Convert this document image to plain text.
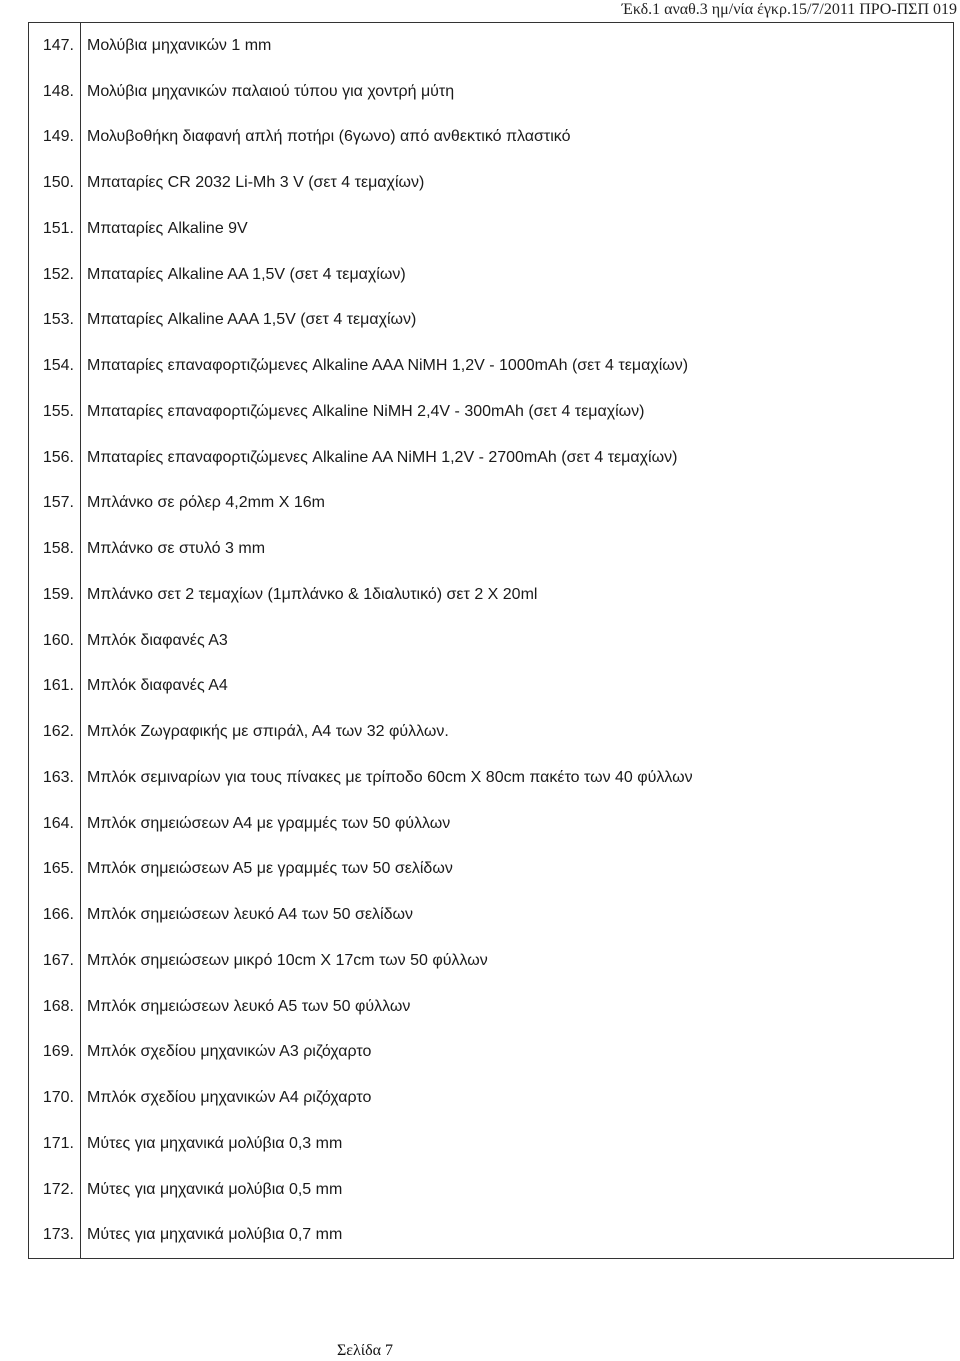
Έκδ.1 αναθ.3 ημ/νία έγκρ.15/7/2011 ΠΡΟ-ΠΣΠ 019
147.	Μολύβια μηχανικών 1 mm
148.	Μολύβια μηχανικών παλαιού τύπου για χοντρή μύτη
149.	Μολυβοθήκη διαφανή απλή ποτήρι (6γωνο) από ανθεκτικό πλαστικό
150.	Μπαταρίες CR 2032 Li-Mh 3 V (σετ 4 τεμαχίων)
151.	Μπαταρίες Alkaline 9V
152.	Μπαταρίες Alkaline AA 1,5V (σετ 4 τεμαχίων)
153.	Μπαταρίες Alkaline AAA 1,5V (σετ 4 τεμαχίων)
154.	Μπαταρίες επαναφορτιζώμενες Alkaline AAA NiMH 1,2V - 1000mAh (σετ 4 τεμαχίων)
155.	Μπαταρίες επαναφορτιζώμενες Alkaline NiMH 2,4V - 300mAh (σετ 4 τεμαχίων)
156.	Μπαταρίες επαναφορτιζώμενες Alkaline AA NiMH 1,2V - 2700mAh (σετ 4 τεμαχίων)
157.	Μπλάνκο σε ρόλερ 4,2mm X 16m
158.	Μπλάνκο σε στυλό 3 mm
159.	Μπλάνκο σετ 2 τεμαχίων (1μπλάνκο & 1διαλυτικό) σετ 2 X 20ml
160.	Μπλόκ διαφανές Α3
161.	Μπλόκ διαφανές Α4
162.	Μπλόκ Ζωγραφικής με σπιράλ, Α4 των 32 φύλλων.
163.	Μπλόκ σεμιναρίων για τους πίνακες με τρίποδο 60cm X 80cm πακέτο των 40 φύλλων
164.	Μπλόκ σημειώσεων Α4 με γραμμές των 50 φύλλων
165.	Μπλόκ σημειώσεων Α5 με γραμμές των 50 σελίδων
166.	Μπλόκ σημειώσεων λευκό Α4 των 50 σελίδων
167.	Μπλόκ σημειώσεων μικρό 10cm X 17cm των 50 φύλλων
168.	Μπλόκ σημειώσεων λευκό Α5 των 50 φύλλων
169.	Μπλόκ σχεδίου μηχανικών Α3 ριζόχαρτο
170.	Μπλόκ σχεδίου μηχανικών Α4 ριζόχαρτο
171.	Μύτες για μηχανικά μολύβια 0,3 mm
172.	Μύτες για μηχανικά μολύβια 0,5 mm
173.	Μύτες για μηχανικά μολύβια 0,7 mm
Σελίδα 7
